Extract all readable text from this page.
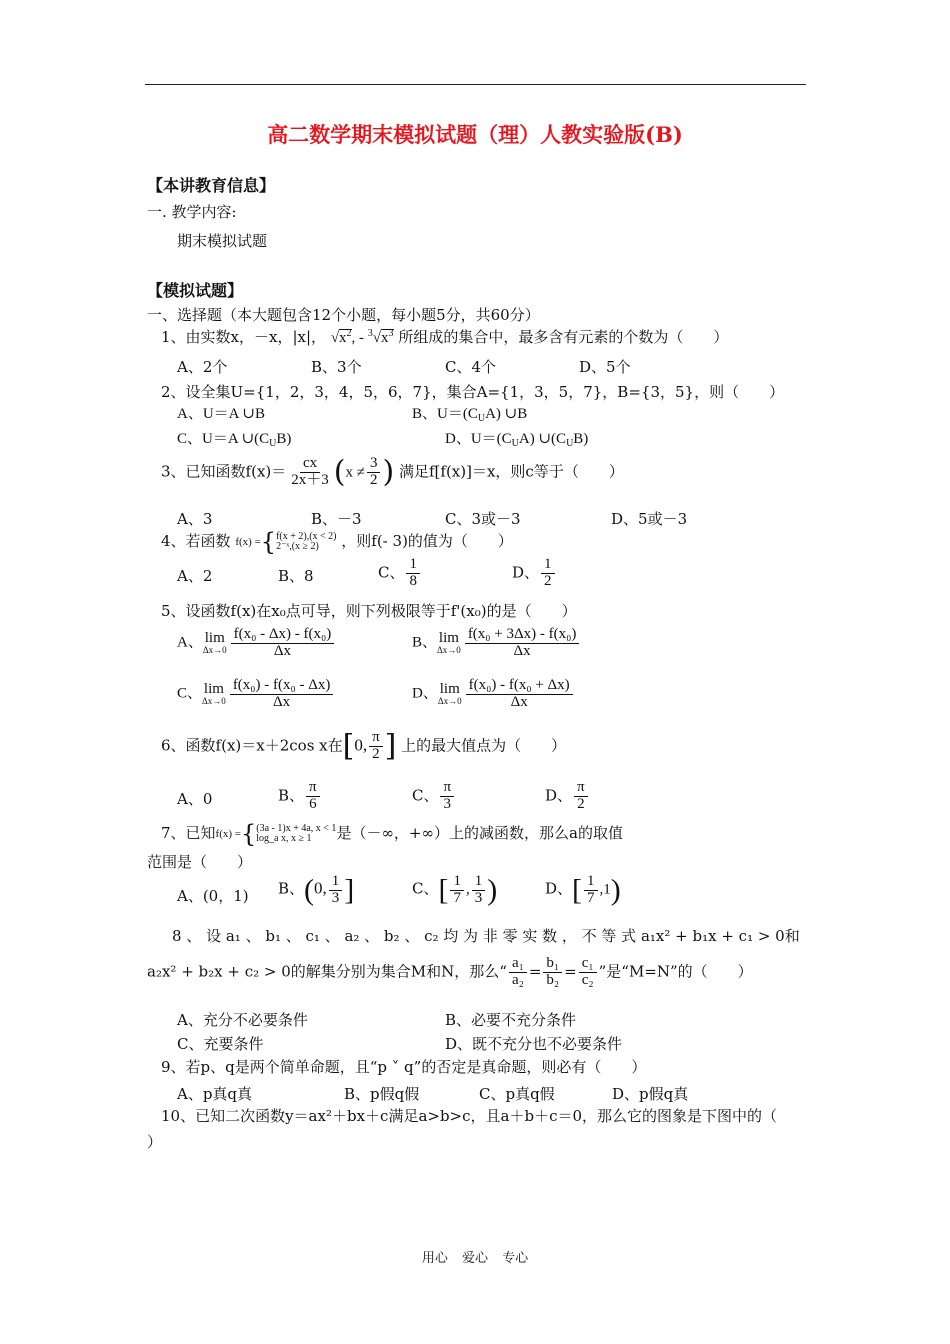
高二数学期末模拟试题（理）人教实验版(B)
【本讲教育信息】
一. 教学内容:
期末模拟试题
【模拟试题】
一、选择题（本大题包含12个小题，每小题5分，共60分）
1、由实数x，－x，|x|， $√x^2$, - $^3√x^3$ 所组成的集合中，最多含有元素的个数为（　　）
A、2个	B、3个	C、4个	D、5个
2、设全集U={1，2，3，4，5，6，7}，集合A={1，3，5，7}，B={3，5}，则（　　）
A、U＝A ∪B	B、$U=(C_UA)$ ∪B
C、U＝A $\cup(C_UB)$	D、$U=(C_UA)$ $\cup(C_UB)$
3、已知函数$f(x)= \frac{cx}{2x+3} (x \ne \frac{3}{2}$ ) 满足f[f(x)]＝x，则c等于（　　）
A、3	B、－3	C、3或－3	D、5或－3
4、若函数 f(x) ={ f(x + 2),(x < 2)
2⁻ˣ,(x ≥ 2)	，则f(- 3)的值为（　　）
A、2	B、8	C、 $\frac{1}{8}$	D、 $\frac{1}{2}$
5、设函数f(x)在x₀点可导，则下列极限等于f'(x₀)的是（　　）
A、 lim
$\Delta x\to 0 \frac{\text{f(x₀ - Δx) - f(x₀)}}{\Delta x}$	B、 lim
$\Delta x\to 0 \frac{\text{f(x₀ + 3Δx) - f(x₀)}}{\Delta x}$
C、 lim
$\Delta x\to 0 \frac{\text{f(x₀) - f(x₀ - Δx)}}{\Delta x}$	D、 lim
$\Delta x\to 0 \frac{\text{f(x₀) - f(x₀ + Δx)}}{\Delta x}$
6、函数f(x)＝x＋2cos x在[0, $\frac{\pi}{2}$ ] 上的最大值点为（　　）
A、0	B、 $\frac{\pi}{6}$	C、 $\frac{\pi}{3}$	D、 $\frac{\pi}{2}$
7、已知f(x) ={ (3a - 1)x + 4a, x < 1
log_a x, x ≥ 1	是（－∞，+∞）上的减函数，那么a的取值
范围是（　　）
A、(0，1) B、(0, $\frac{1}{3}$ ]	C、[ $\frac{1}{7}$ , $\frac{1}{3}$ )	D、[ $\frac{1}{7} ,1$)
8 、 设 a₁ 、 b₁ 、 c₁ 、 a₂ 、 b₂ 、 c₂ 均 为 非 零 实 数 ， 不 等 式 a₁x² + b₁x + c₁ > 0和
a₂x² + b₂x + c₂ > 0的解集分别为集合M和N，那么“ $\frac{\text{a₁}}{\text{a₂}} = \frac{\text{b₁}}{\text{b₂}} = \frac{\text{c₁}}{\text{c₂}}$ ”是“M=N”的（　　）
A、充分不必要条件	B、必要不充分条件
C、充要条件	D、既不充分也不必要条件
9、若p、q是两个简单命题，且“p ˅ q”的否定是真命题，则必有（　　）
A、p真q真	B、p假q假	C、p真q假	D、p假q真
10、已知二次函数y＝ax²＋bx＋c满足a>b>c，且a＋b＋c＝0，那么它的图象是下图中的（
）
用心 爱心 专心
